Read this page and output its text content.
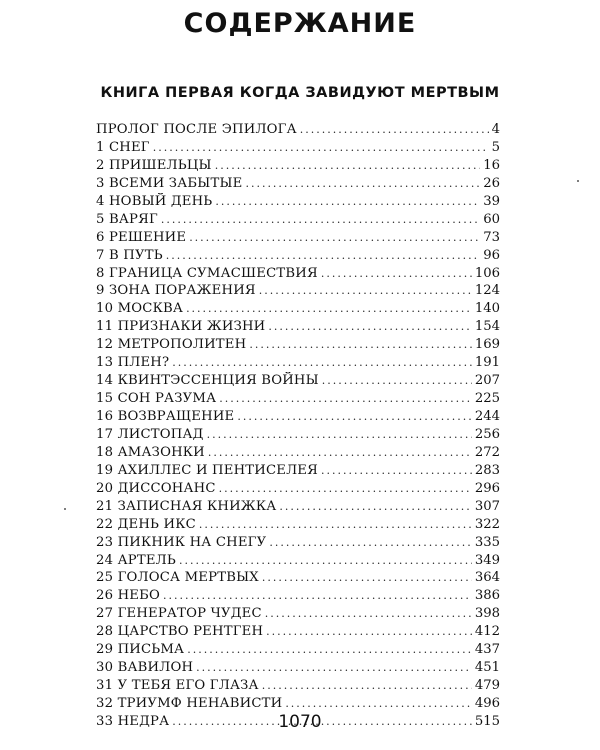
СОДЕРЖАНИЕ
КНИГА ПЕРВАЯ КОГДА ЗАВИДУЮТ МЕРТВЫМ
ПРОЛОГ ПОСЛЕ ЭПИЛОГА .....	4
1 СНЕГ .....	5
2 ПРИШЕЛЬЦЫ .....	16
3 ВСЕМИ ЗАБЫТЫЕ .....	26
4 НОВЫЙ ДЕНЬ .....	39
5 ВАРЯГ .....	60
6 РЕШЕНИЕ .....	73
7 В ПУТЬ .....	96
8 ГРАНИЦА СУМАСШЕСТВИЯ .....	106
9 ЗОНА ПОРАЖЕНИЯ .....	124
10 МОСКВА .....	140
11 ПРИЗНАКИ ЖИЗНИ .....	154
12 МЕТРОПОЛИТЕН .....	169
13 ПЛЕН? .....	191
14 КВИНТЭССЕНЦИЯ ВОЙНЫ .....	207
15 СОН РАЗУМА .....	225
16 ВОЗВРАЩЕНИЕ .....	244
17 ЛИСТОПАД .....	256
18 АМАЗОНКИ .....	272
19 АХИЛЛЕС И ПЕНТИСЕЛЕЯ .....	283
20 ДИССОНАНС .....	296
21 ЗАПИСНАЯ КНИЖКА .....	307
22 ДЕНЬ ИКС .....	322
23 ПИКНИК НА СНЕГУ .....	335
24 АРТЕЛЬ .....	349
25 ГОЛОСА МЕРТВЫХ .....	364
26 НЕБО .....	386
27 ГЕНЕРАТОР ЧУДЕС .....	398
28 ЦАРСТВО РЕНТГЕН .....	412
29 ПИСЬМА .....	437
30 ВАВИЛОН .....	451
31 У ТЕБЯ ЕГО ГЛАЗА .....	479
32 ТРИУМФ НЕНАВИСТИ .....	496
33 НЕДРА .....	515
1070
